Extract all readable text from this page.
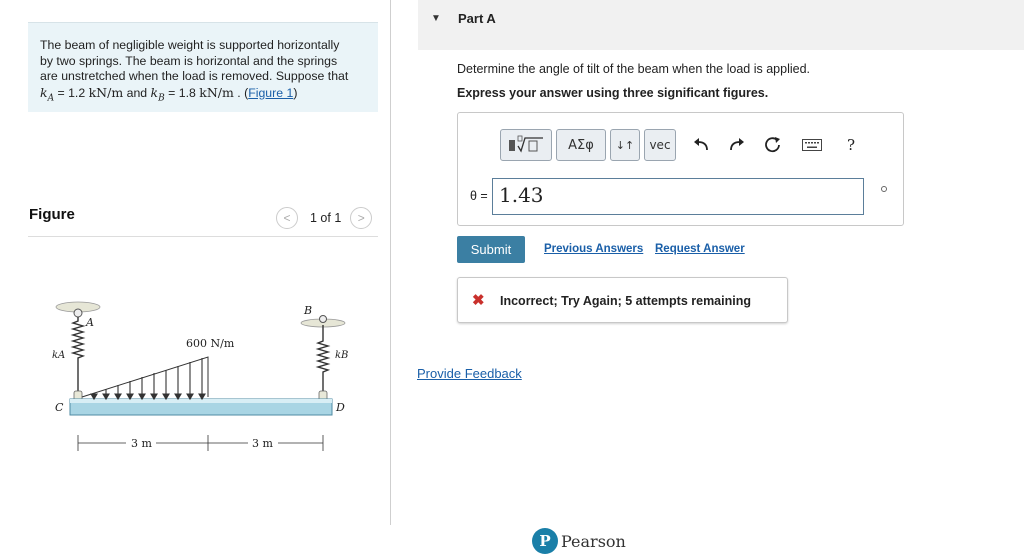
The beam of negligible weight is supported horizontally
by two springs. The beam is horizontal and the springs
are unstretched when the load is removed. Suppose that
$k_A = 1.2$ kN/m and $k_B = 1.8$ kN/m . (Figure 1)
Figure	< 1 of 1 >
A
B
C	D
kA	kB
600 N/m
3 m	3 m
▼ Part A
Determine the angle of tilt of the beam when the load is applied.
Express your answer using three significant figures.
ΑΣφ ↓↑ vec	?
θ = 1.43
Submit	Previous Answers Request Answer
✖ Incorrect; Try Again; 5 attempts remaining
Provide Feedback
P Pearson
